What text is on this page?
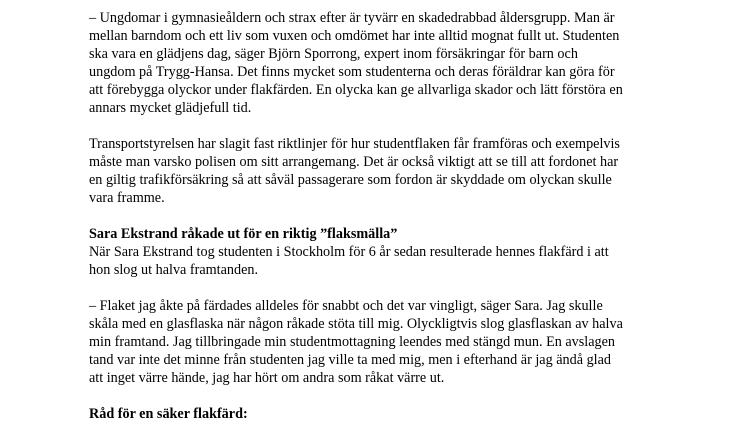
– Ungdomar i gymnasieåldern och strax efter är tyvärr en skadedrabbad åldersgrupp. Man är
mellan barndom och ett liv som vuxen och omdömet har inte alltid mognat fullt ut. Studenten
ska vara en glädjens dag, säger Björn Sporrong, expert inom försäkringar för barn och
ungdom på Trygg-Hansa. Det finns mycket som studenterna och deras föräldrar kan göra för
att förebygga olyckor under flakfärden. En olycka kan ge allvarliga skador och lätt förstöra en
annars mycket glädjefull tid.

Transportstyrelsen har slagit fast riktlinjer för hur studentflaken får framföras och exempelvis
måste man varsko polisen om sitt arrangemang. Det är också viktigt att se till att fordonet har
en giltig trafikförsäkring så att såväl passagerare som fordon är skyddade om olyckan skulle
vara framme.

Sara Ekstrand råkade ut för en riktig ”flaksmälla”

När Sara Ekstrand tog studenten i Stockholm för 6 år sedan resulterade hennes flakfärd i att
hon slog ut halva framtanden.

– Flaket jag åkte på färdades alldeles för snabbt och det var vingligt, säger Sara. Jag skulle
skåla med en glasflaska när någon råkade stöta till mig. Olyckligtvis slog glasflaskan av halva
min framtand. Jag tillbringade min studentmottagning leendes med stängd mun. En avslagen
tand var inte det minne från studenten jag ville ta med mig, men i efterhand är jag ändå glad
att inget värre hände, jag har hört om andra som råkat värre ut.

Råd för en säker flakfärd:
